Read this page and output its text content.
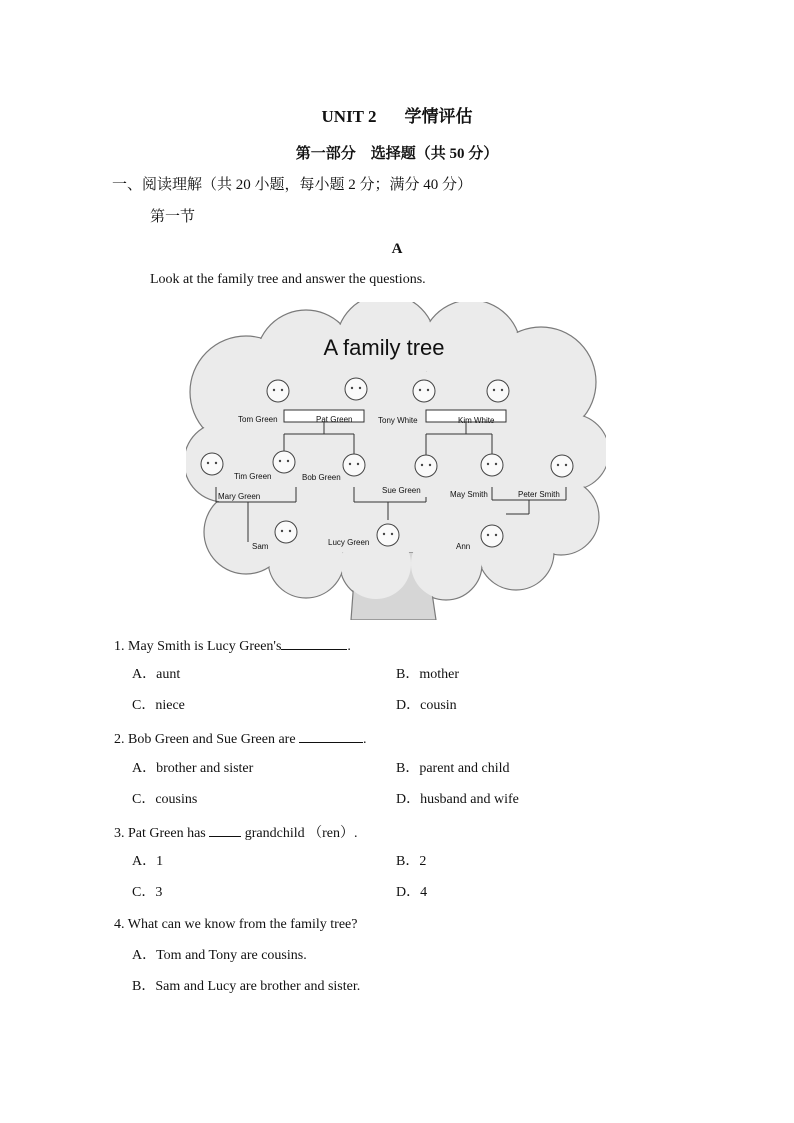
UNIT 2 学情评估
第一部分　选择题（共 50 分）
一、阅读理解（共 20 小题，每小题 2 分；满分 40 分）
第一节
A
Look at the family tree and answer the questions.
A family tree
Tom Green	Pat Green	Tony White	Kim White
Tim Green	Bob Green
Mary Green
Sue Green	May Smith	Peter Smith
Sam	Lucy Green	Ann
1. May Smith is Lucy Green's	.
A．aunt	B．mother
C．niece	D．cousin
2. Bob Green and Sue Green are	.
A．brother and sister	B．parent and child
C．cousins	D．husband and wife
3. Pat Green has  grandchild （ren）.
A．1	B．2
C．3	D．4
4. What can we know from the family tree?
A．Tom and Tony are cousins.
B．Sam and Lucy are brother and sister.
